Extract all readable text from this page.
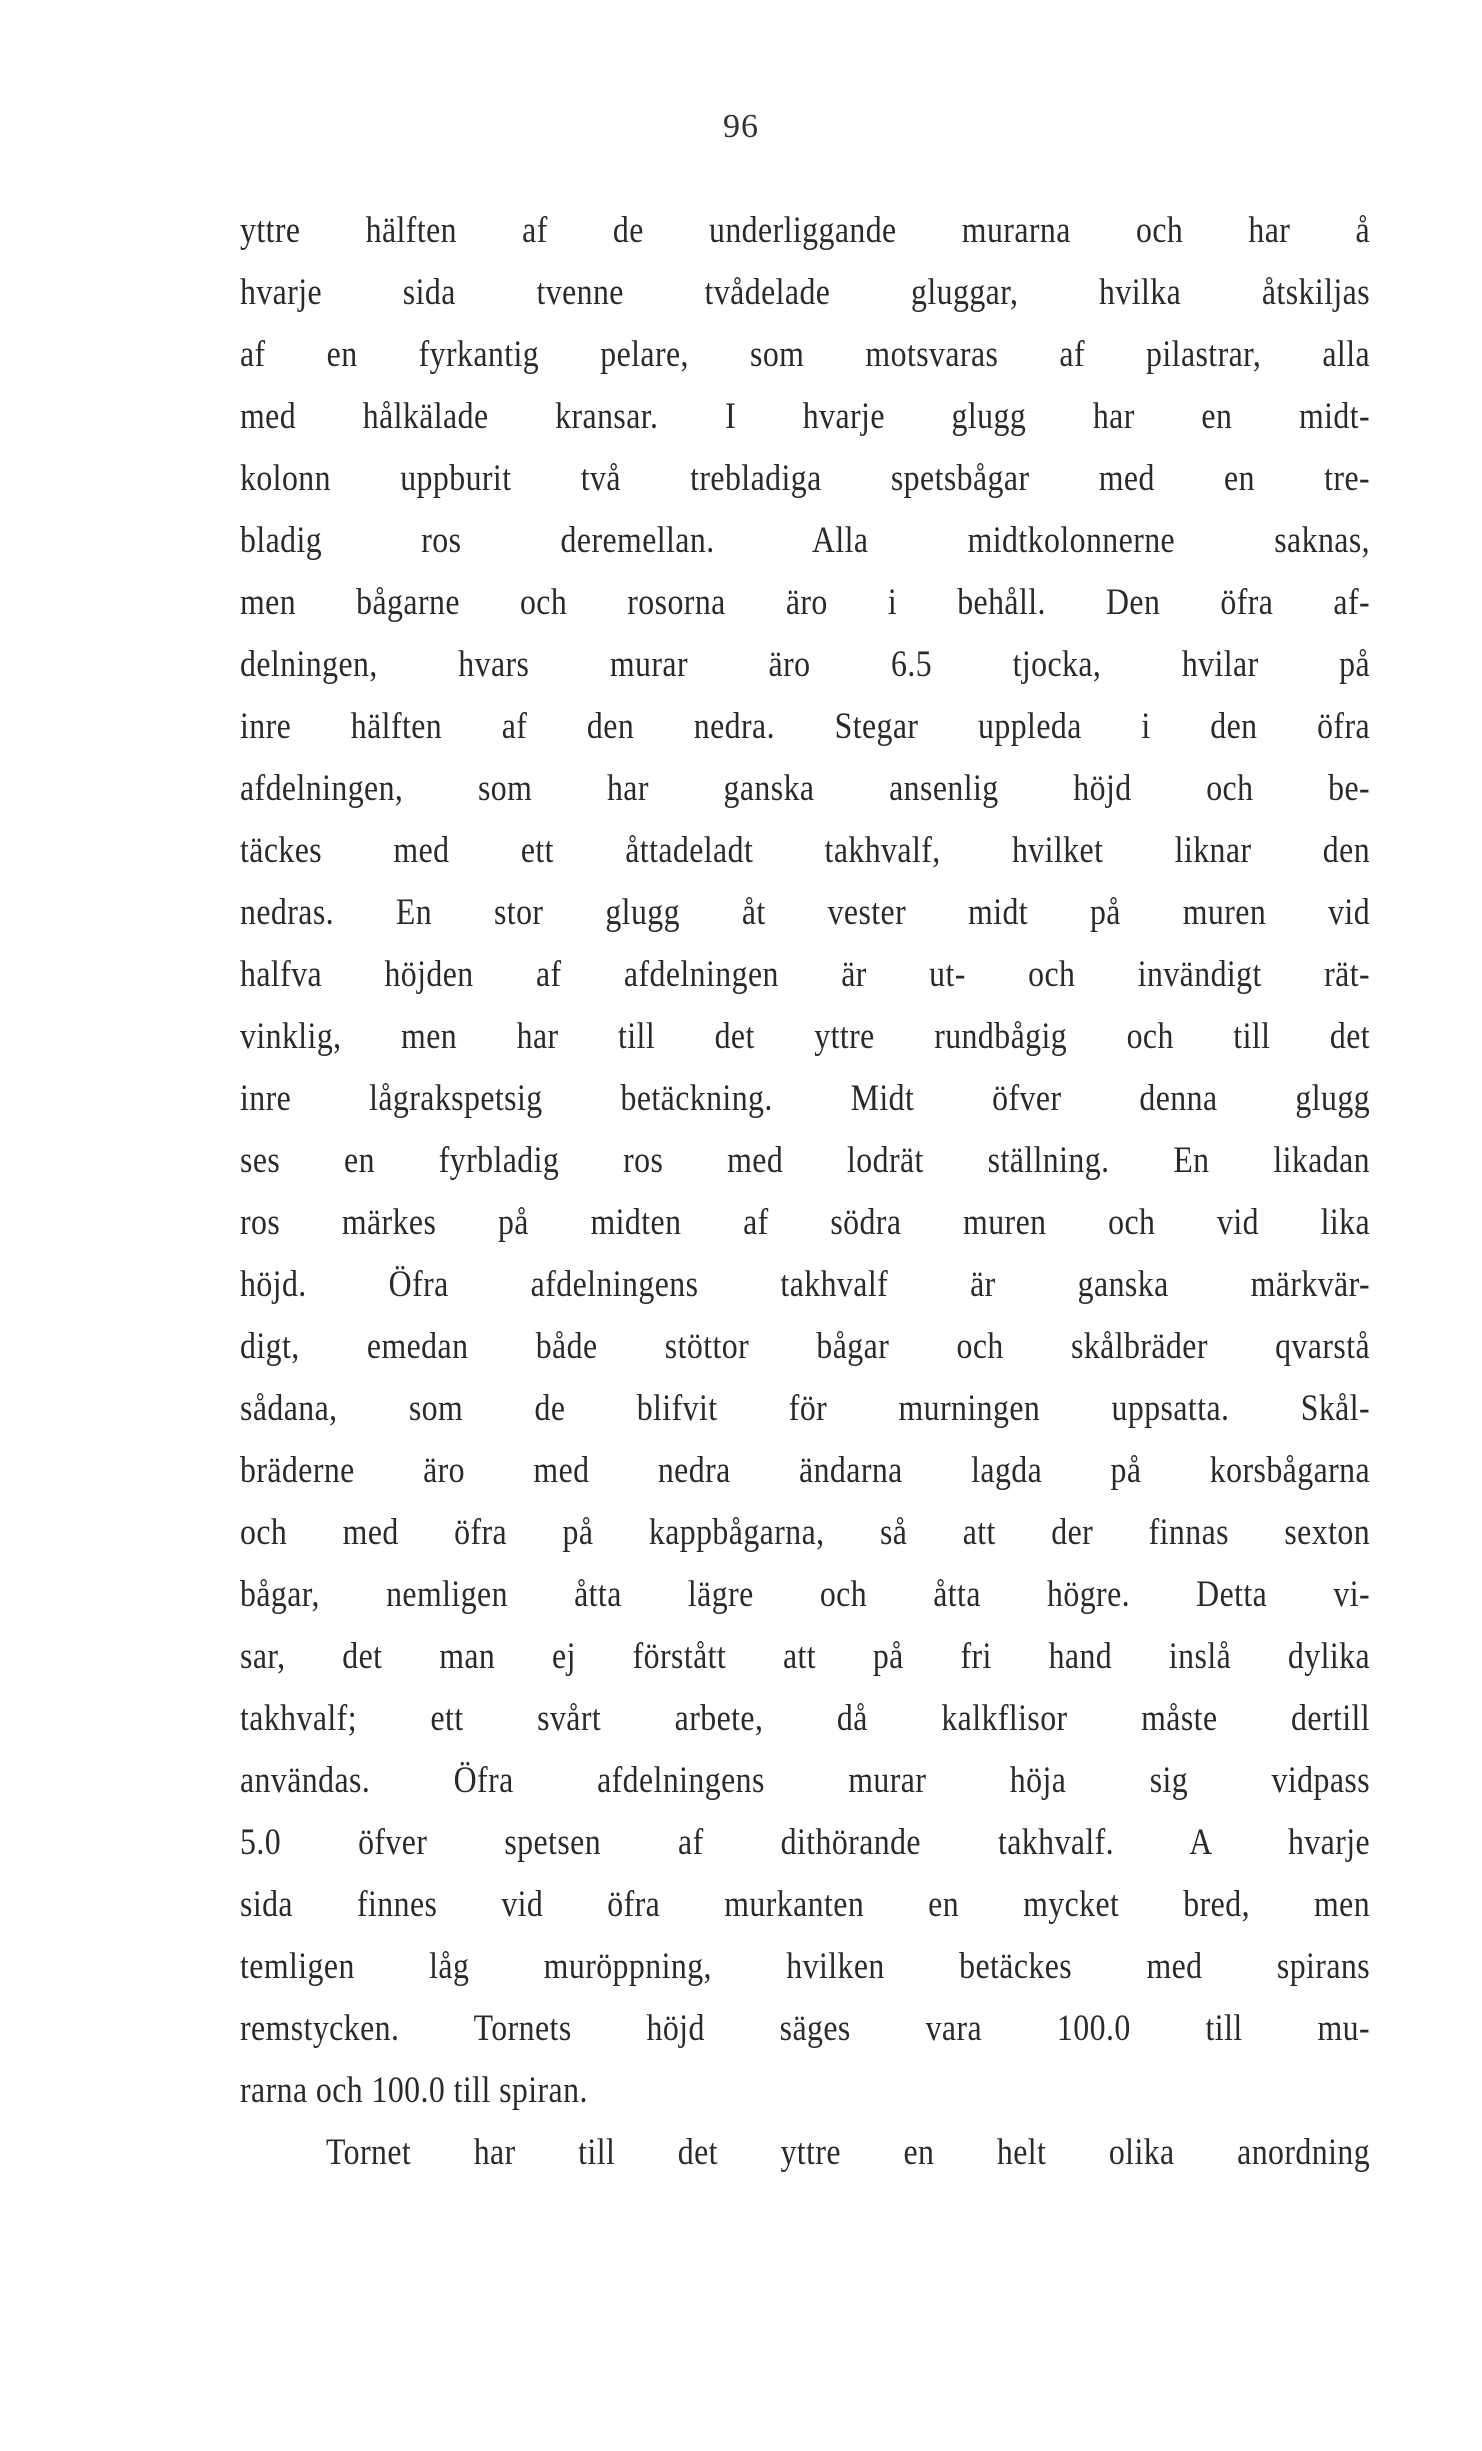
96
yttre hälften af de underliggande murarna och har å
hvarje sida tvenne tvådelade gluggar, hvilka åtskiljas
af en fyrkantig pelare, som motsvaras af pilastrar, alla
med hålkälade kransar. I hvarje glugg har en midt-
kolonn uppburit två trebladiga spetsbågar med en tre-
bladig ros deremellan. Alla midtkolonnerne saknas,
men bågarne och rosorna äro i behåll. Den öfra af-
delningen, hvars murar äro 6.5 tjocka, hvilar på
inre hälften af den nedra. Stegar uppleda i den öfra
afdelningen, som har ganska ansenlig höjd och be-
täckes med ett åttadeladt takhvalf, hvilket liknar den
nedras. En stor glugg åt vester midt på muren vid
halfva höjden af afdelningen är ut- och invändigt rät-
vinklig, men har till det yttre rundbågig och till det
inre lågrakspetsig betäckning. Midt öfver denna glugg
ses en fyrbladig ros med lodrät ställning. En likadan
ros märkes på midten af södra muren och vid lika
höjd. Öfra afdelningens takhvalf är ganska märkvär-
digt, emedan både stöttor bågar och skålbräder qvarstå
sådana, som de blifvit för murningen uppsatta. Skål-
bräderne äro med nedra ändarna lagda på korsbågarna
och med öfra på kappbågarna, så att der finnas sexton
bågar, nemligen åtta lägre och åtta högre. Detta vi-
sar, det man ej förstått att på fri hand inslå dylika
takhvalf; ett svårt arbete, då kalkflisor måste dertill
användas. Öfra afdelningens murar höja sig vidpass
5.0 öfver spetsen af dithörande takhvalf. A hvarje
sida finnes vid öfra murkanten en mycket bred, men
temligen låg muröppning, hvilken betäckes med spirans
remstycken. Tornets höjd säges vara 100.0 till mu-
rarna och 100.0 till spiran.
Tornet har till det yttre en helt olika anordning
